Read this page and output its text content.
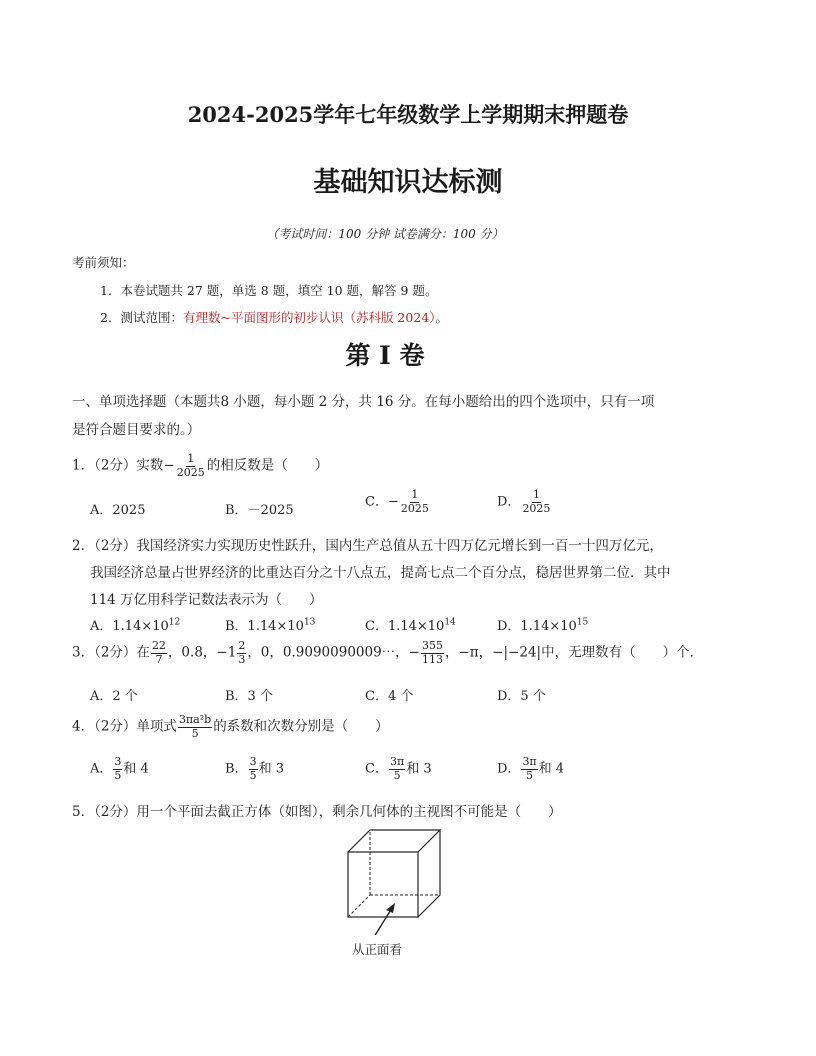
2024-2025学年七年级数学上学期期末押题卷
基础知识达标测
（考试时间：100 分钟 试卷满分：100 分）
考前须知：
1．本卷试题共 27 题，单选 8 题，填空 10 题，解答 9 题。
2．测试范围：有理数~平面图形的初步认识（苏科版 2024）。
第 I 卷
一、单项选择题（本题共8 小题，每小题 2 分，共 16 分。在每小题给出的四个选项中，只有一项
是符合题目要求的。）
1．（2分）实数− $\frac{1}{2025}$ 的相反数是（　　）
A．2025	B．－2025
C．− $\frac{1}{2025}$	D． $\frac{1}{2025}$
2．（2分）我国经济实力实现历史性跃升，国内生产总值从五十四万亿元增长到一百一十四万亿元，
我国经济总量占世界经济的比重达百分之十八点五，提高七点二个百分点，稳居世界第二位．其中
114 万亿用科学记数法表示为（　　）
A．$1.14\times 10^{12}$	B．$1.14\times 10^{13}$	C．$1.14\times 10^{14}$	D．$1.14\times 10^{15}$
3．（2分）在 $\frac{22}{7}$ ，0.8，$-1 \frac{2}{3}$ ，0，0.9090090009⋯，− $\frac{355}{113}$ ，−π，−|−24|中，无理数有（　　）个．
A．2 个	B．3 个	C．4 个	D．5 个
4．（2分）单项式 $\frac{\text{3πa²b}}{5}$ 的系数和次数分别是（　　）
A． $\frac{3}{5}$ 和 4	B． $\frac{3}{5}$ 和 3	C． $\frac{3\pi}{5}$ 和 3	D． $\frac{3\pi}{5}$ 和 4
5．（2分）用一个平面去截正方体（如图），剩余几何体的主视图不可能是（　　）
从正面看
